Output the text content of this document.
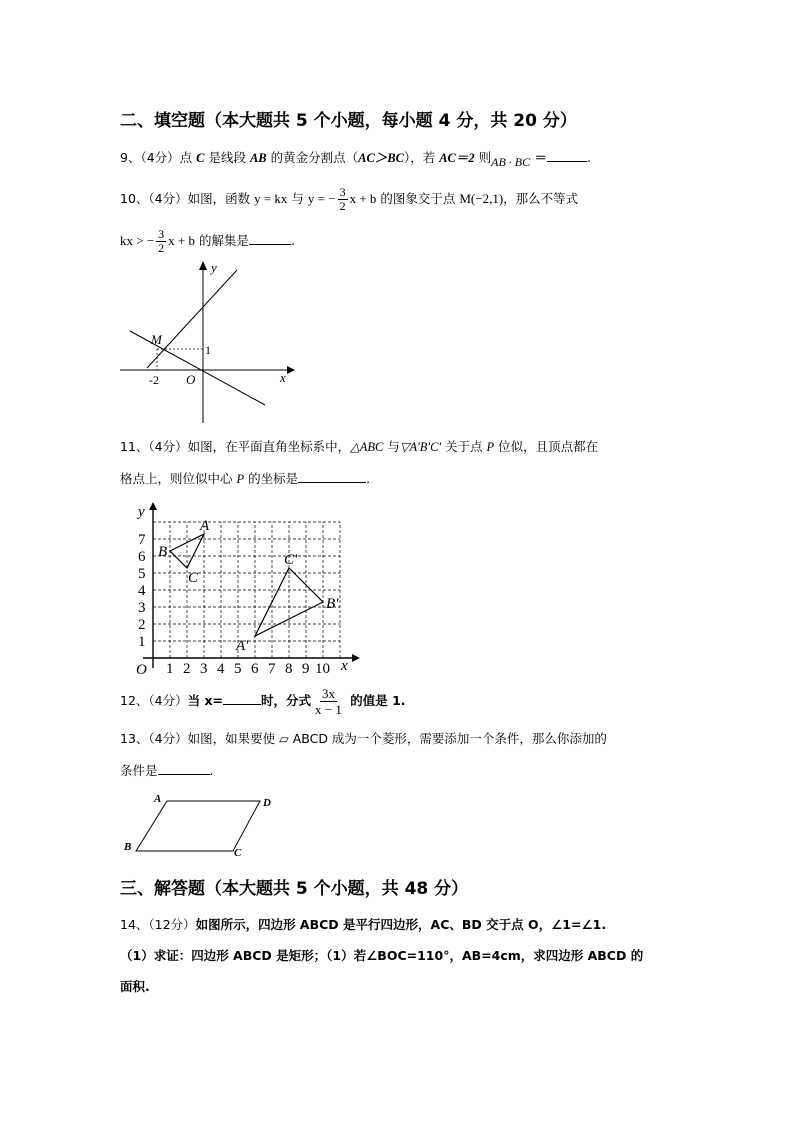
二、填空题（本大题共 5 个小题，每小题 4 分，共 20 分）
9、（4分）点 C 是线段 AB 的黄金分割点（AC＞BC），若 AC＝2 则AB · BC ＝	.
10、（4分）如图，函数 y = kx 与 y = − $\frac{3}{2}$ x + b 的图象交于点 M(−2,1)，那么不等式
kx > − $\frac{3}{2}$ x + b 的解集是	.
y
x
M
1
-2 O
11、（4分）如图，在平面直角坐标系中，△ABC 与▽A'B'C' 关于点 P 位似，且顶点都在
格点上，则位似中心 P 的坐标是	.
y
x
O 1 2 3 4 5 6 7 8 9 10
1
2
3
4
5
6
7
A
B
C
A'
B'
C'
12、（4分）当 x=	时，分式 $\frac{3x}{x - 1}$ 的值是 1.
13、（4分）如图，如果要使 ▱ ABCD 成为一个菱形，需要添加一个条件，那么你添加的
条件是	.
A	D
B	C
三、解答题（本大题共 5 个小题，共 48 分）
14、（12分）如图所示，四边形 ABCD 是平行四边形，AC、BD 交于点 O，∠1=∠1.
（1）求证：四边形 ABCD 是矩形；（1）若∠BOC=110°，AB=4cm，求四边形 ABCD 的
面积.
